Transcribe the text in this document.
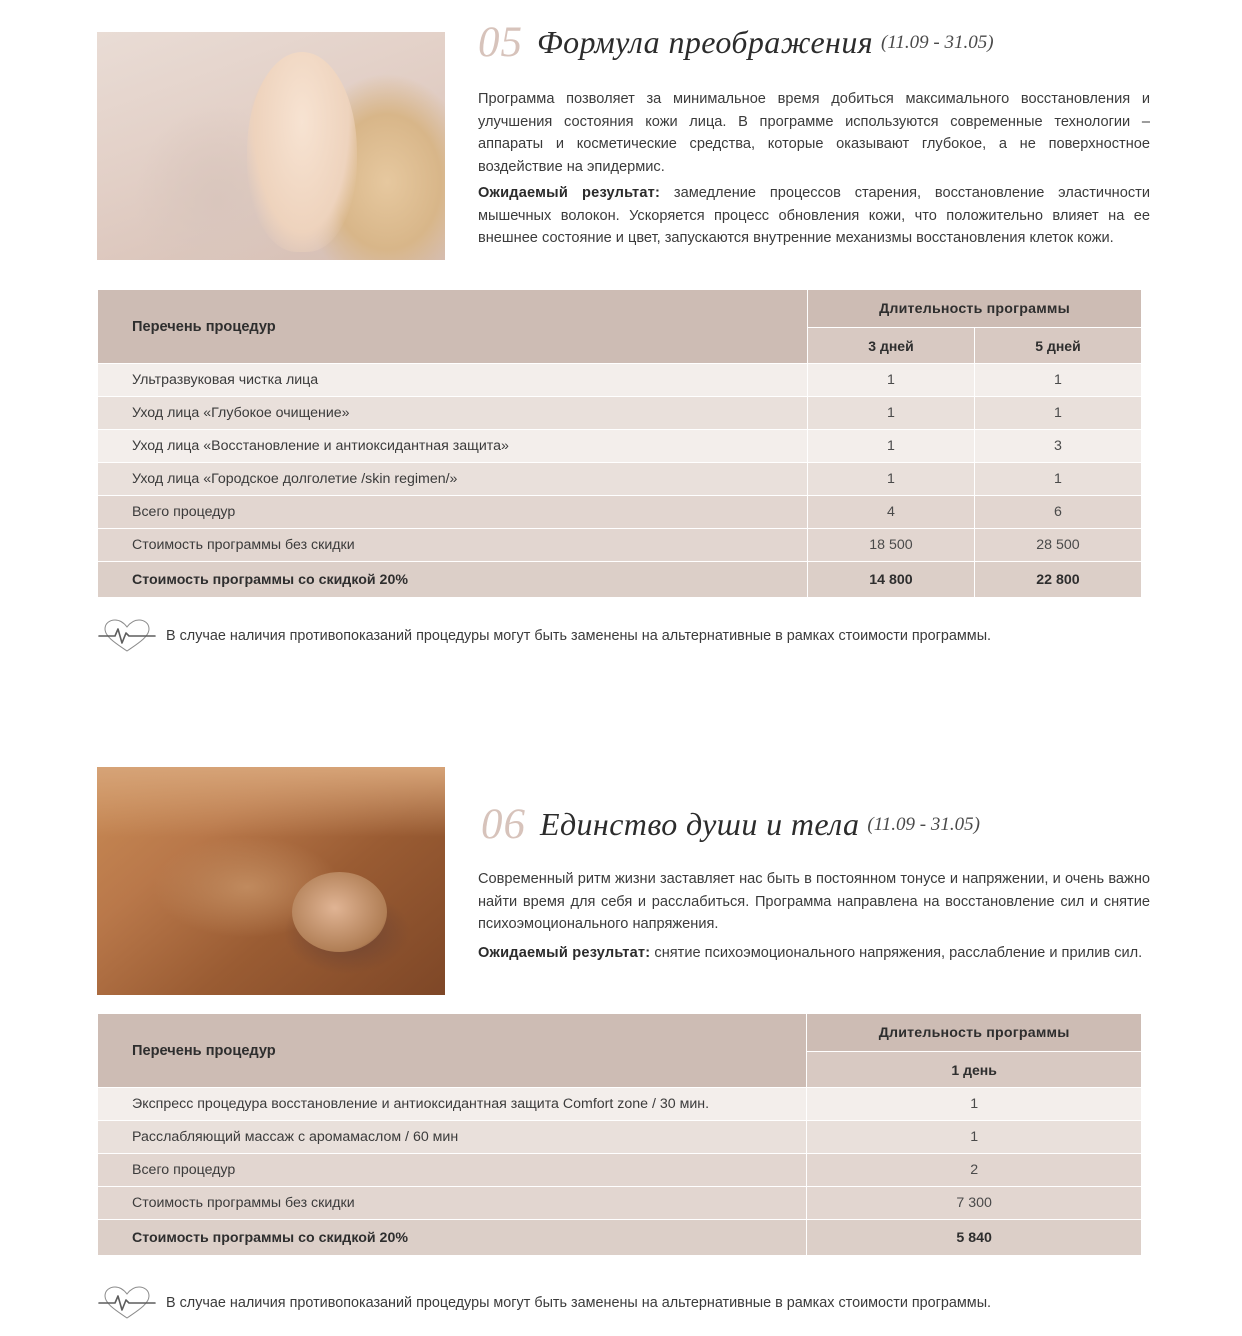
05 Формула преображения (11.09 - 31.05)
Программа позволяет за минимальное время добиться максимального восстановления и улучшения состояния кожи лица. В программе используются современные технологии – аппараты и косметические средства, которые оказывают глубокое, а не поверхностное воздействие на эпидермис.
Ожидаемый результат: замедление процессов старения, восстановление эластичности мышечных волокон. Ускоряется процесс обновления кожи, что положительно влияет на ее внешнее состояние и цвет, запускаются внутренние механизмы восстановления клеток кожи.
Перечень процедур	Длительность программы	
	3 дней	5 дней
Ультразвуковая чистка лица	1	1
Уход лица «Глубокое очищение»	1	1
Уход лица «Восстановление и антиоксидантная защита»	1	3
Уход лица «Городское долголетие /skin regimen/»	1	1
Всего процедур	4	6
Стоимость программы без скидки	18 500	28 500
Стоимость программы со скидкой 20%	14 800	22 800
В случае наличия противопоказаний процедуры могут быть заменены на альтернативные в рамках стоимости программы.
06 Единство души и тела (11.09 - 31.05)
Современный ритм жизни заставляет нас быть в постоянном тонусе и напряжении, и очень важно найти время для себя и расслабиться. Программа направлена на восстановление сил и снятие психоэмоционального напряжения.
Ожидаемый результат: снятие психоэмоционального напряжения, расслабление и прилив сил.
Перечень процедур	Длительность программы
	1 день
Экспресс процедура восстановление и антиоксидантная защита Comfort zone / 30 мин.	1
Расслабляющий массаж с аромамаслом / 60 мин	1
Всего процедур	2
Стоимость программы без скидки	7 300
Стоимость программы со скидкой 20%	5 840
В случае наличия противопоказаний процедуры могут быть заменены на альтернативные в рамках стоимости программы.
